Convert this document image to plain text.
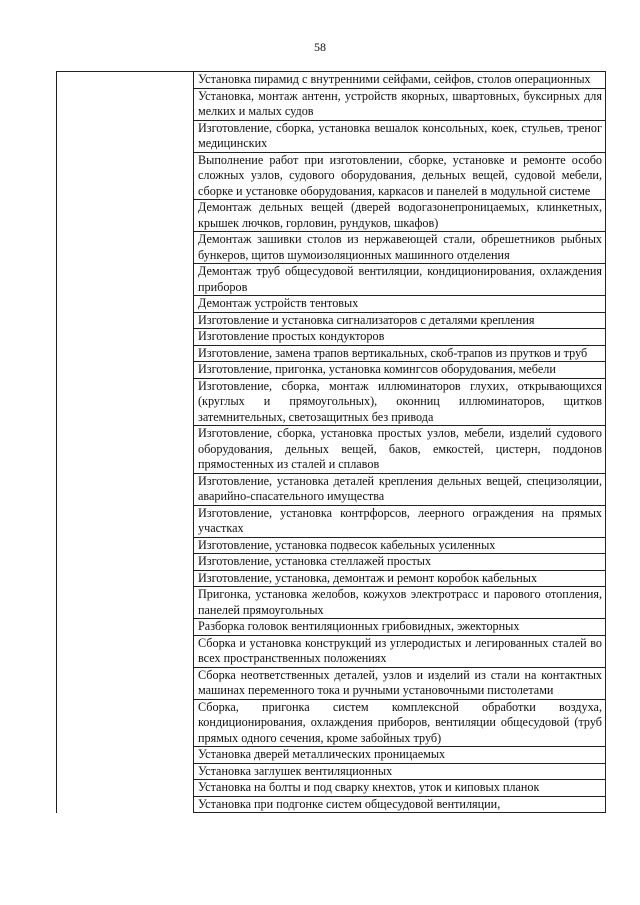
58
Установка пирамид с внутренними сейфами, сейфов, столов операционных
Установка, монтаж антенн, устройств якорных, швартовных, буксирных для мелких и малых судов
Изготовление, сборка, установка вешалок консольных, коек, стульев, треног медицинских
Выполнение работ при изготовлении, сборке, установке и ремонте особо сложных узлов, судового оборудования, дельных вещей, судовой мебели, сборке и установке оборудования, каркасов и панелей в модульной системе
Демонтаж дельных вещей (дверей водогазонепроницаемых, клинкетных, крышек лючков, горловин, рундуков, шкафов)
Демонтаж зашивки столов из нержавеющей стали, обрешетников рыбных бункеров, щитов шумоизоляционных машинного отделения
Демонтаж труб общесудовой вентиляции, кондиционирования, охлаждения приборов
Демонтаж устройств тентовых
Изготовление и установка сигнализаторов с деталями крепления
Изготовление простых кондукторов
Изготовление, замена трапов вертикальных, скоб-трапов из прутков и труб
Изготовление, пригонка, установка комингсов оборудования, мебели
Изготовление, сборка, монтаж иллюминаторов глухих, открывающихся (круглых и прямоугольных), оконниц иллюминаторов, щитков затемнительных, светозащитных без привода
Изготовление, сборка, установка простых узлов, мебели, изделий судового оборудования, дельных вещей, баков, емкостей, цистерн, поддонов прямостенных из сталей и сплавов
Изготовление, установка деталей крепления дельных вещей, специзоляции, аварийно-спасательного имущества
Изготовление, установка контрфорсов, леерного ограждения на прямых участках
Изготовление, установка подвесок кабельных усиленных
Изготовление, установка стеллажей простых
Изготовление, установка, демонтаж и ремонт коробок кабельных
Пригонка, установка желобов, кожухов электротрасс и парового отопления, панелей прямоугольных
Разборка головок вентиляционных грибовидных, эжекторных
Сборка и установка конструкций из углеродистых и легированных сталей во всех пространственных положениях
Сборка неответственных деталей, узлов и изделий из стали на контактных машинах переменного тока и ручными установочными пистолетами
Сборка, пригонка систем комплексной обработки воздуха, кондиционирования, охлаждения приборов, вентиляции общесудовой (труб прямых одного сечения, кроме забойных труб)
Установка дверей металлических проницаемых
Установка заглушек вентиляционных
Установка на болты и под сварку кнехтов, уток и киповых планок
Установка при подгонке систем общесудовой вентиляции,
